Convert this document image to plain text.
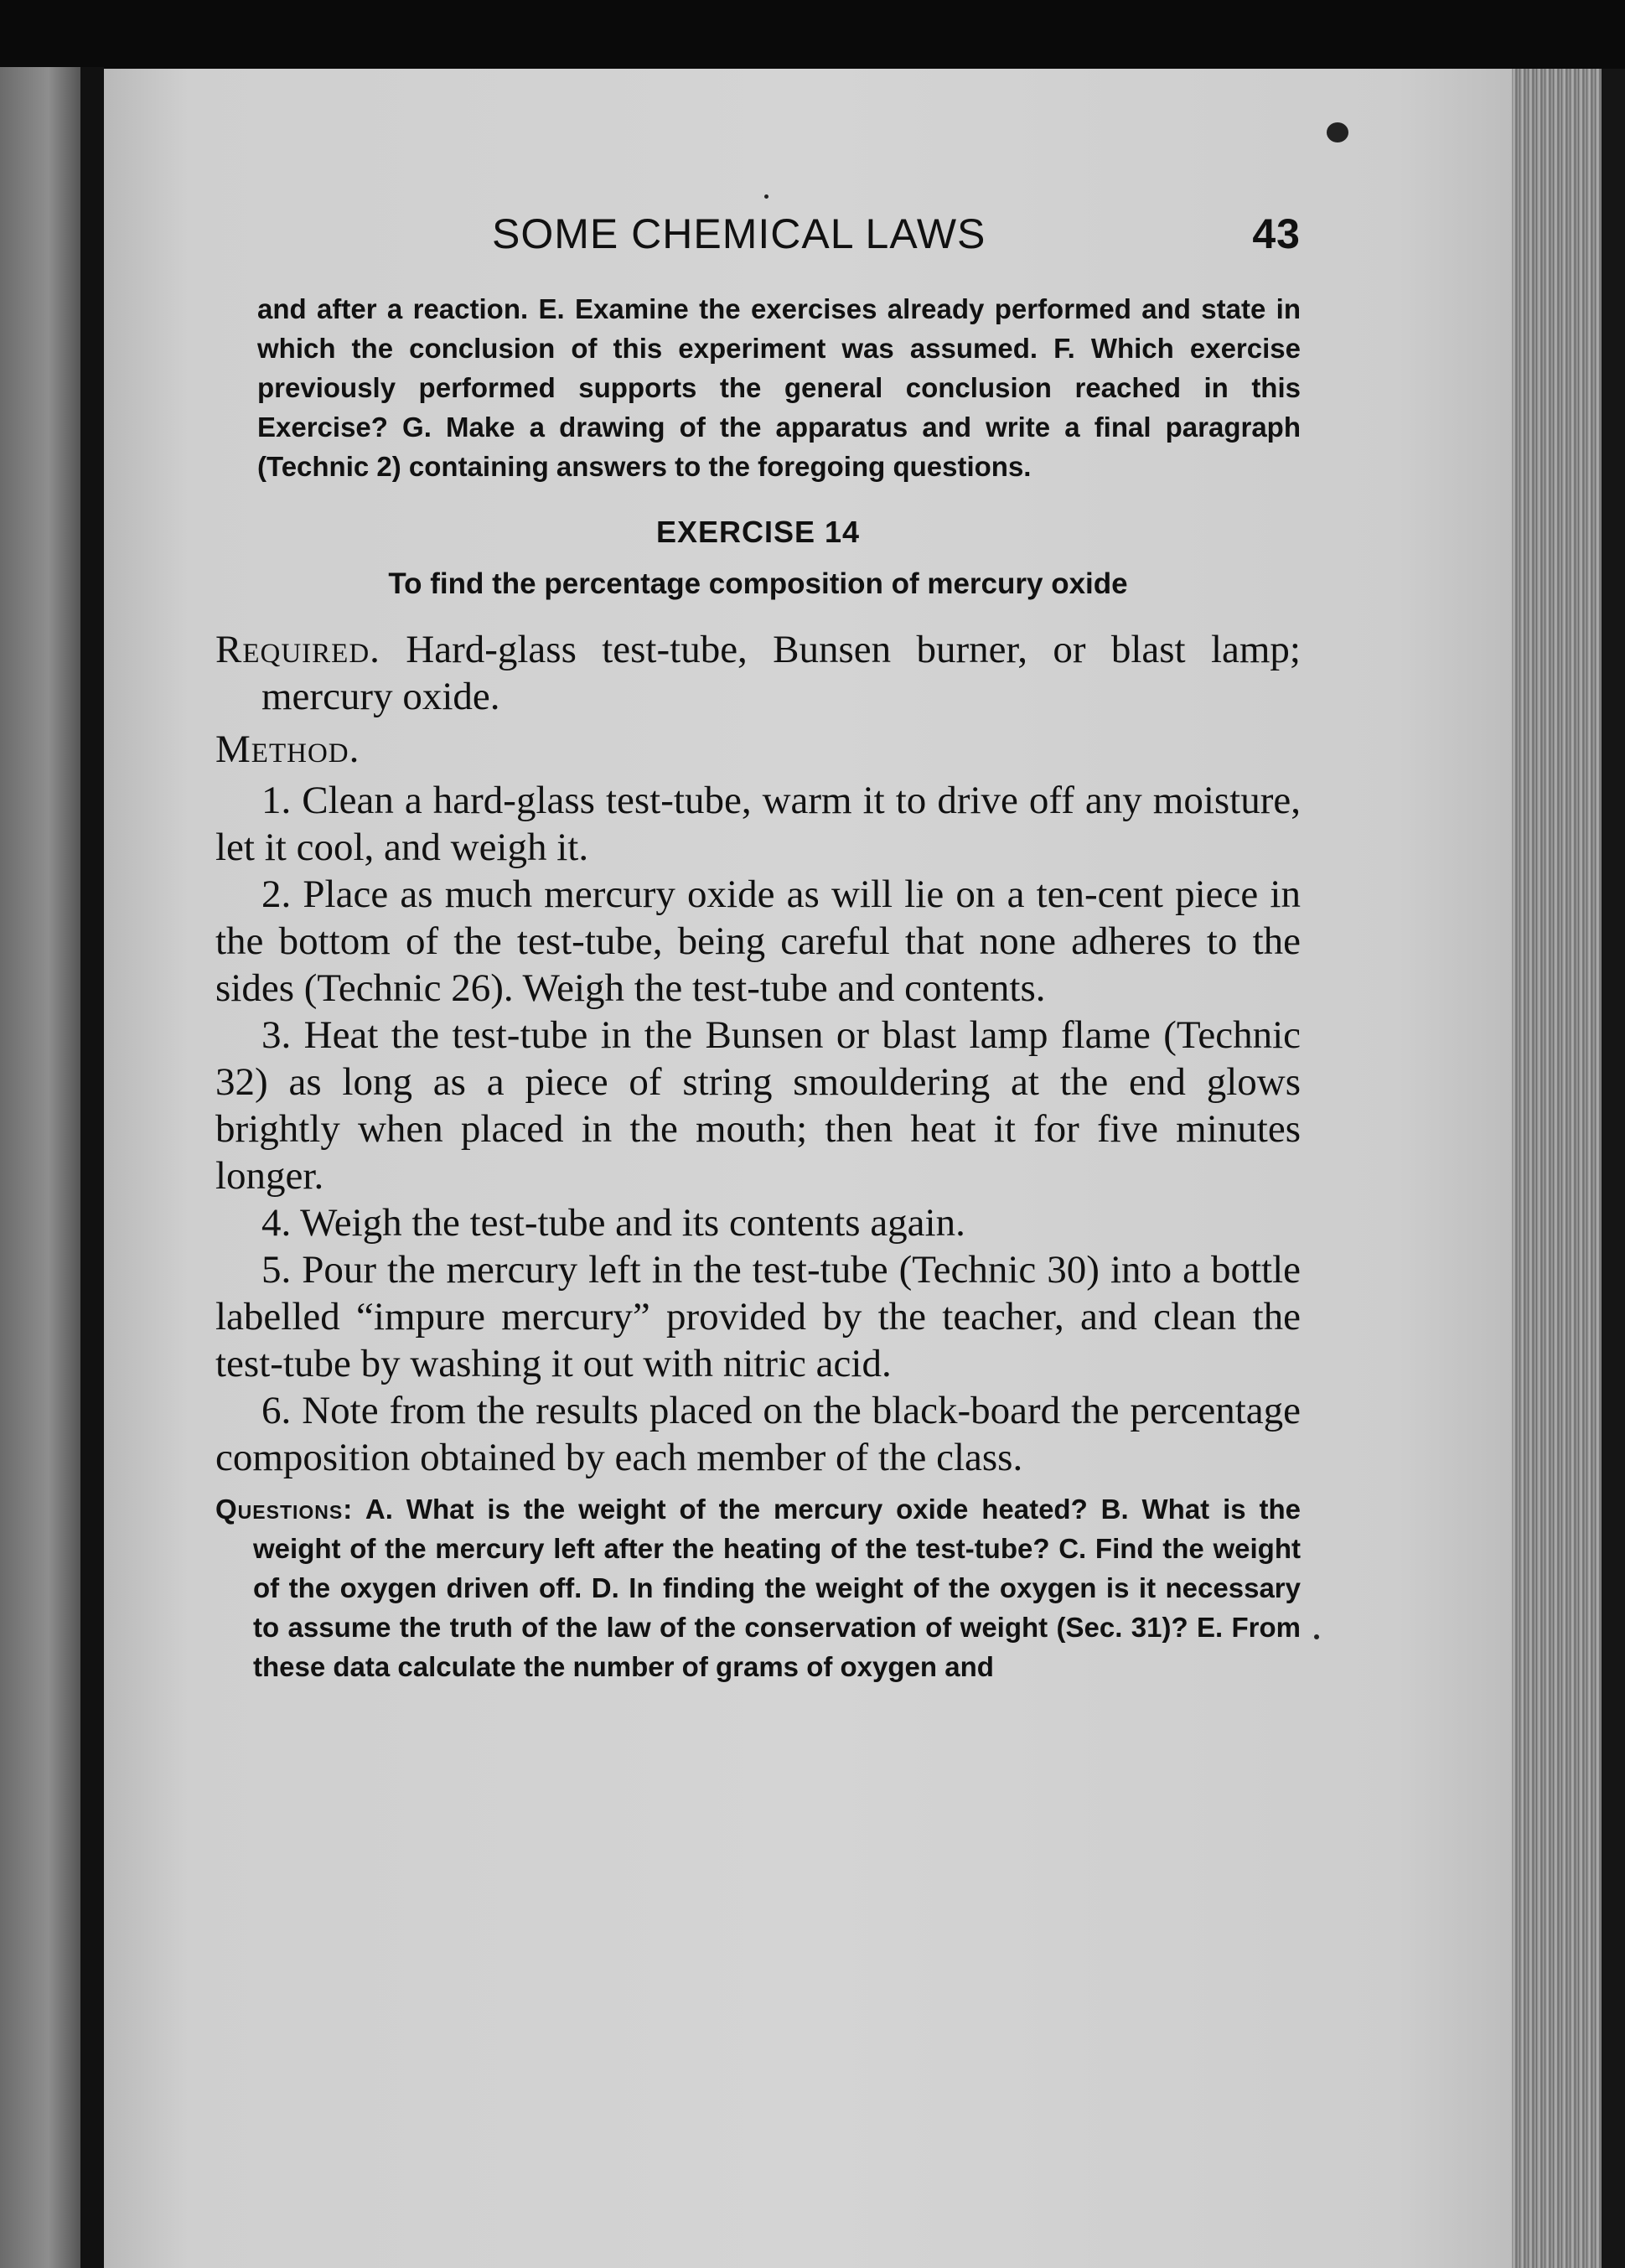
SOME CHEMICAL LAWS	43

and after a reaction. E. Examine the exercises already performed and state in which the conclusion of this experiment was assumed. F. Which exercise previously performed supports the general conclusion reached in this Exercise? G. Make a drawing of the apparatus and write a final paragraph (Technic 2) containing answers to the foregoing questions.

EXERCISE 14

To find the percentage composition of mercury oxide

Required. Hard-glass test-tube, Bunsen burner, or blast lamp; mercury oxide.

Method.

1. Clean a hard-glass test-tube, warm it to drive off any moisture, let it cool, and weigh it.

2. Place as much mercury oxide as will lie on a ten-cent piece in the bottom of the test-tube, being careful that none adheres to the sides (Technic 26). Weigh the test-tube and contents.

3. Heat the test-tube in the Bunsen or blast lamp flame (Technic 32) as long as a piece of string smouldering at the end glows brightly when placed in the mouth; then heat it for five minutes longer.

4. Weigh the test-tube and its contents again.

5. Pour the mercury left in the test-tube (Technic 30) into a bottle labelled “impure mercury” provided by the teacher, and clean the test-tube by washing it out with nitric acid.

6. Note from the results placed on the black-board the percentage composition obtained by each member of the class.

Questions: A. What is the weight of the mercury oxide heated? B. What is the weight of the mercury left after the heating of the test-tube? C. Find the weight of the oxygen driven off. D. In finding the weight of the oxygen is it necessary to assume the truth of the law of the conservation of weight (Sec. 31)? E. From these data calculate the number of grams of oxygen and
